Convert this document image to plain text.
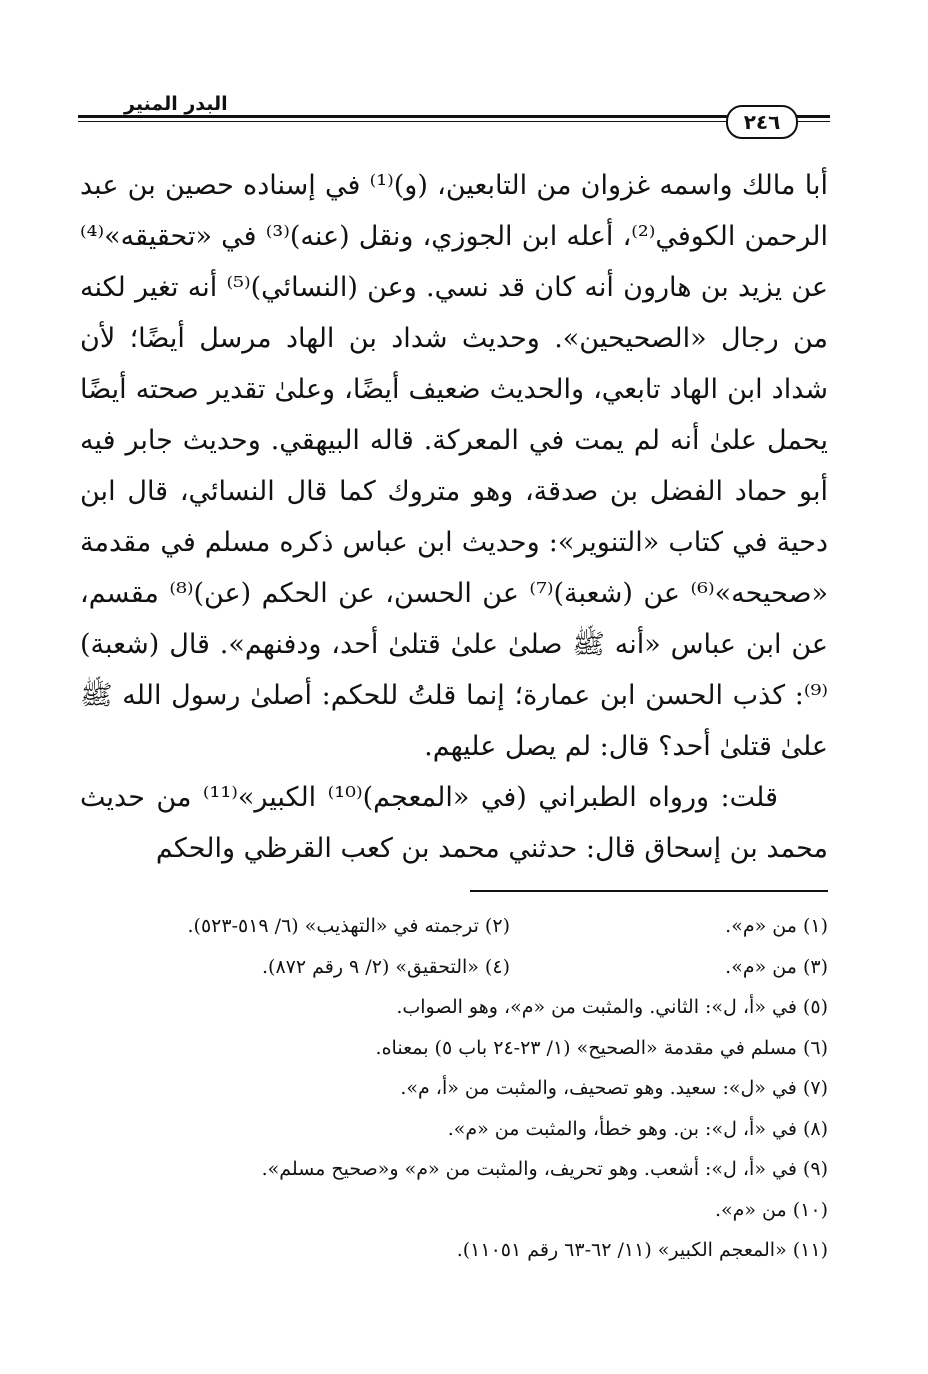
البدر المنير
٢٤٦

أبا مالك واسمه غزوان من التابعين، (و)⁽¹⁾ في إسناده حصين بن عبد الرحمن الكوفي⁽²⁾، أعله ابن الجوزي، ونقل (عنه)⁽³⁾ في «تحقيقه»⁽⁴⁾ عن يزيد بن هارون أنه كان قد نسي. وعن (النسائي)⁽⁵⁾ أنه تغير لكنه من رجال «الصحيحين». وحديث شداد بن الهاد مرسل أيضًا؛ لأن شداد ابن الهاد تابعي، والحديث ضعيف أيضًا، وعلىٰ تقدير صحته أيضًا يحمل علىٰ أنه لم يمت في المعركة. قاله البيهقي. وحديث جابر فيه أبو حماد الفضل بن صدقة، وهو متروك كما قال النسائي، قال ابن دحية في كتاب «التنوير»: وحديث ابن عباس ذكره مسلم في مقدمة «صحيحه»⁽⁶⁾ عن (شعبة)⁽⁷⁾ عن الحسن، عن الحكم (عن)⁽⁸⁾ مقسم، عن ابن عباس «أنه ﷺ صلىٰ علىٰ قتلىٰ أحد، ودفنهم». قال (شعبة)⁽⁹⁾: كذب الحسن ابن عمارة؛ إنما قلتُ للحكم: أصلىٰ رسول الله ﷺ علىٰ قتلىٰ أحد؟ قال: لم يصل عليهم.

قلت: ورواه الطبراني (في «المعجم)⁽¹⁰⁾ الكبير»⁽¹¹⁾ من حديث محمد بن إسحاق قال: حدثني محمد بن كعب القرظي والحكم

(١) من «م».
(٢) ترجمته في «التهذيب» (٦/ ٥١٩-٥٢٣).
(٣) من «م».
(٤) «التحقيق» (٢/ ٩ رقم ٨٧٢).
(٥) في «أ، ل»: الثاني. والمثبت من «م»، وهو الصواب.
(٦) مسلم في مقدمة «الصحيح» (١/ ٢٣-٢٤ باب ٥) بمعناه.
(٧) في «ل»: سعيد. وهو تصحيف، والمثبت من «أ، م».
(٨) في «أ، ل»: بن. وهو خطأ، والمثبت من «م».
(٩) في «أ، ل»: أشعب. وهو تحريف، والمثبت من «م» و«صحيح مسلم».
(١٠) من «م».
(١١) «المعجم الكبير» (١١/ ٦٢-٦٣ رقم ١١٠٥١).
